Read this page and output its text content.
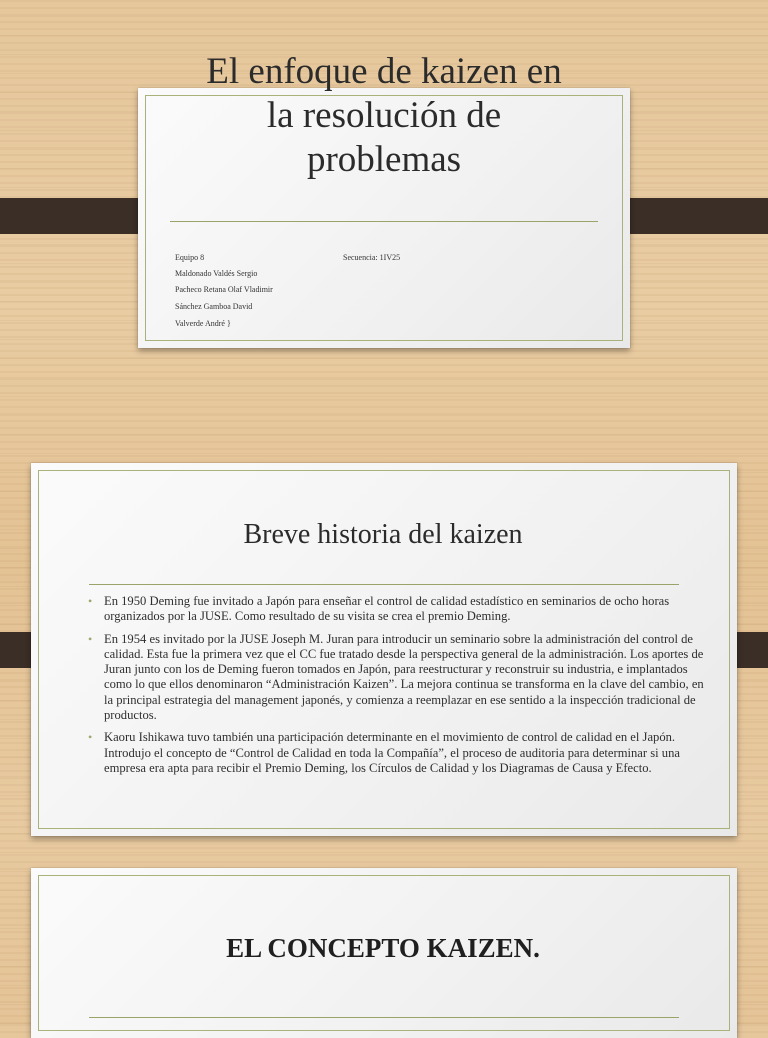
El enfoque de kaizen en
la resolución de
problemas
Equipo 8	Secuencia: 1IV25
Maldonado Valdés Sergio
Pacheco Retana Olaf Vladimir
Sánchez Gamboa David
Valverde André }
Breve historia del kaizen
• En 1950 Deming fue invitado a Japón para enseñar el control de calidad estadístico en seminarios de ocho horas organizados por la JUSE. Como resultado de su visita se crea el premio Deming.
• En 1954 es invitado por la JUSE Joseph M. Juran para introducir un seminario sobre la administración del control de calidad. Esta fue la primera vez que el CC fue tratado desde la perspectiva general de la administración. Los aportes de Juran junto con los de Deming fueron tomados en Japón, para reestructurar y reconstruir su industria, e implantados como lo que ellos denominaron “Administración Kaizen”. La mejora continua se transforma en la clave del cambio, en la principal estrategia del management japonés, y comienza a reemplazar en ese sentido a la inspección tradicional de productos.
• Kaoru Ishikawa tuvo también una participación determinante en el movimiento de control de calidad en el Japón. Introdujo el concepto de “Control de Calidad en toda la Compañía”, el proceso de auditoria para determinar si una empresa era apta para recibir el Premio Deming, los Círculos de Calidad y los Diagramas de Causa y Efecto.
EL CONCEPTO KAIZEN.
